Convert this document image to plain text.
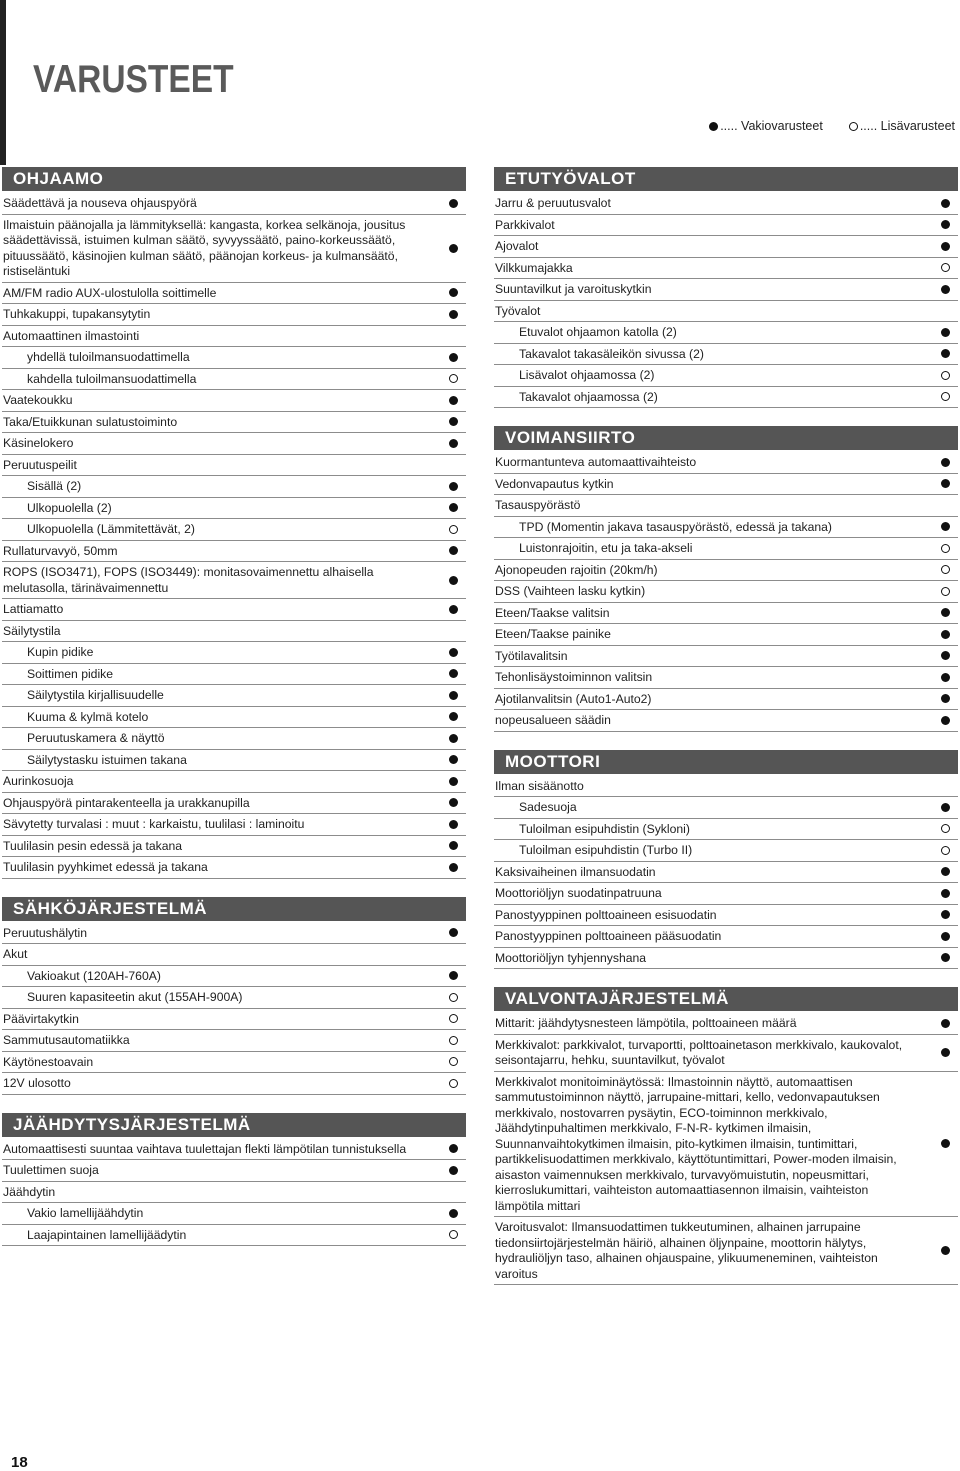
VARUSTEET
..... Vakiovarusteet	..... Lisävarusteet
OHJAAMO
Säädettävä ja nouseva ohjauspyörä
Ilmaistuin päänojalla ja lämmityksellä: kangasta, korkea selkänoja, jousitus säädettävissä, istuimen kulman säätö, syvyyssäätö, paino-korkeussäätö, pituussäätö, käsinojien kulman säätö, päänojan korkeus- ja kulmansäätö, ristiseläntuki
AM/FM radio AUX-ulostulolla soittimelle
Tuhkakuppi, tupakansytytin
Automaattinen ilmastointi
yhdellä tuloilmansuodattimella
kahdella tuloilmansuodattimella
Vaatekoukku
Taka/Etuikkunan sulatustoiminto
Käsinelokero
Peruutuspeilit
Sisällä (2)
Ulkopuolella (2)
Ulkopuolella (Lämmitettävät, 2)
Rullaturvavyö, 50mm
ROPS (ISO3471), FOPS (ISO3449): monitasovaimennettu alhaisella melutasolla, tärinävaimennettu
Lattiamatto
Säilytystila
Kupin pidike
Soittimen pidike
Säilytystila kirjallisuudelle
Kuuma & kylmä kotelo
Peruutuskamera & näyttö
Säilytystasku istuimen takana
Aurinkosuoja
Ohjauspyörä pintarakenteella ja urakkanupilla
Sävytetty turvalasi : muut : karkaistu, tuulilasi : laminoitu
Tuulilasin pesin edessä ja takana
Tuulilasin pyyhkimet edessä ja takana
SÄHKÖJÄRJESTELMÄ
Peruutushälytin
Akut
Vakioakut (120AH-760A)
Suuren kapasiteetin akut (155AH-900A)
Päävirtakytkin
Sammutusautomatiikka
Käytönestoavain
12V ulosotto
JÄÄHDYTYSJÄRJESTELMÄ
Automaattisesti suuntaa vaihtava tuulettajan flekti lämpötilan tunnistuksella
Tuulettimen suoja
Jäähdytin
Vakio lamellijäähdytin
Laajapintainen lamellijäädytin
ETUTYÖVALOT
Jarru & peruutusvalot
Parkkivalot
Ajovalot
Vilkkumajakka
Suuntavilkut ja varoituskytkin
Työvalot
Etuvalot ohjaamon katolla (2)
Takavalot takasäleikön sivussa (2)
Lisävalot ohjaamossa (2)
Takavalot ohjaamossa (2)
VOIMANSIIRTO
Kuormantunteva automaattivaihteisto
Vedonvapautus kytkin
Tasauspyörästö
TPD (Momentin jakava tasauspyörästö, edessä ja takana)
Luistonrajoitin, etu ja taka-akseli
Ajonopeuden rajoitin (20km/h)
DSS (Vaihteen lasku kytkin)
Eteen/Taakse valitsin
Eteen/Taakse painike
Työtilavalitsin
Tehonlisäystoiminnon valitsin
Ajotilanvalitsin (Auto1-Auto2)
nopeusalueen säädin
MOOTTORI
Ilman sisäänotto
Sadesuoja
Tuloilman esipuhdistin (Sykloni)
Tuloilman esipuhdistin (Turbo II)
Kaksivaiheinen ilmansuodatin
Moottoriöljyn suodatinpatruuna
Panostyyppinen polttoaineen esisuodatin
Panostyyppinen polttoaineen pääsuodatin
Moottoriöljyn tyhjennyshana
VALVONTAJÄRJESTELMÄ
Mittarit: jäähdytysnesteen lämpötila, polttoaineen määrä
Merkkivalot: parkkivalot, turvaportti, polttoainetason merkkivalo, kaukovalot, seisontajarru, hehku, suuntavilkut, työvalot
Merkkivalot monitoiminäytössä: Ilmastoinnin näyttö, automaattisen sammutustoiminnon näyttö, jarrupaine-mittari, kello, vedonvapautuksen merkkivalo, nostovarren pysäytin, ECO-toiminnon merkkivalo, Jäähdytinpuhaltimen merkkivalo, F-N-R- kytkimen ilmaisin, Suunnanvaihtokytkimen ilmaisin, pito-kytkimen ilmaisin, tuntimittari, partikkelisuodattimen merkkivalo, käyttötuntimittari, Power-moden ilmaisin, aisaston vaimennuksen merkkivalo, turvavyömuistutin, nopeusmittari, kierroslukumittari, vaihteiston automaattiasennon ilmaisin, vaihteiston lämpötila mittari
Varoitusvalot: Ilmansuodattimen tukkeutuminen, alhainen jarrupaine tiedonsiirtojärjestelmän häiriö, alhainen öljynpaine, moottorin hälytys, hydrauliöljyn taso, alhainen ohjauspaine, ylikuumeneminen, vaihteiston varoitus

18
